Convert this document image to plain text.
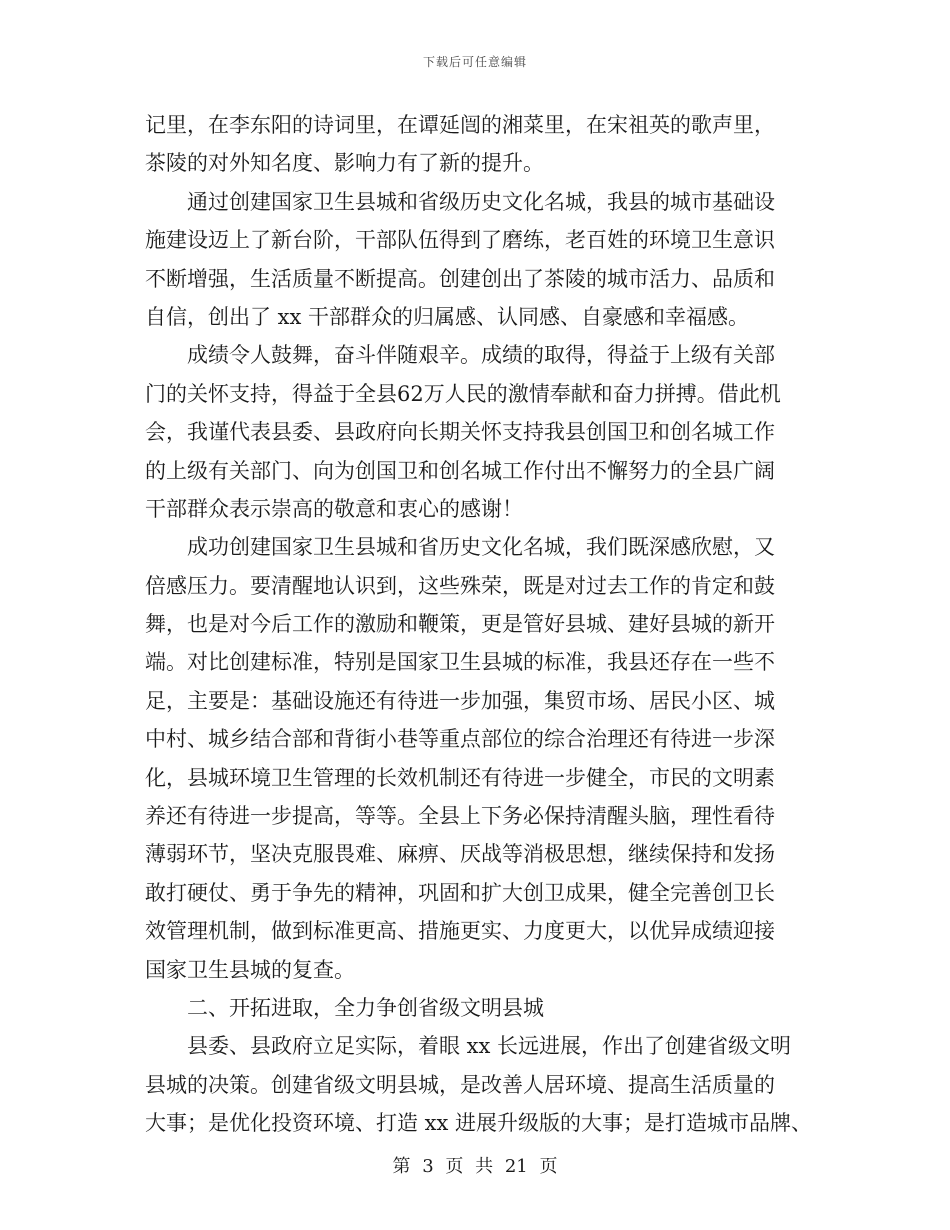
下载后可任意编辑
记里，在李东阳的诗词里，在谭延闿的湘菜里，在宋祖英的歌声里，
茶陵的对外知名度、影响力有了新的提升。
通过创建国家卫生县城和省级历史文化名城，我县的城市基础设
施建设迈上了新台阶，干部队伍得到了磨练，老百姓的环境卫生意识
不断增强，生活质量不断提高。创建创出了茶陵的城市活力、品质和
自信，创出了 xx 干部群众的归属感、认同感、自豪感和幸福感。
成绩令人鼓舞，奋斗伴随艰辛。成绩的取得，得益于上级有关部
门的关怀支持，得益于全县62万人民的激情奉献和奋力拼搏。借此机
会，我谨代表县委、县政府向长期关怀支持我县创国卫和创名城工作
的上级有关部门、向为创国卫和创名城工作付出不懈努力的全县广阔
干部群众表示崇高的敬意和衷心的感谢！
成功创建国家卫生县城和省历史文化名城，我们既深感欣慰，又
倍感压力。要清醒地认识到，这些殊荣，既是对过去工作的肯定和鼓
舞，也是对今后工作的激励和鞭策，更是管好县城、建好县城的新开
端。对比创建标准，特别是国家卫生县城的标准，我县还存在一些不
足，主要是：基础设施还有待进一步加强，集贸市场、居民小区、城
中村、城乡结合部和背街小巷等重点部位的综合治理还有待进一步深
化，县城环境卫生管理的长效机制还有待进一步健全，市民的文明素
养还有待进一步提高，等等。全县上下务必保持清醒头脑，理性看待
薄弱环节，坚决克服畏难、麻痹、厌战等消极思想，继续保持和发扬
敢打硬仗、勇于争先的精神，巩固和扩大创卫成果，健全完善创卫长
效管理机制，做到标准更高、措施更实、力度更大，以优异成绩迎接
国家卫生县城的复查。
二、开拓进取，全力争创省级文明县城
县委、县政府立足实际，着眼 xx 长远进展，作出了创建省级文明
县城的决策。创建省级文明县城，是改善人居环境、提高生活质量的
大事；是优化投资环境、打造 xx 进展升级版的大事；是打造城市品牌、
第 3 页 共 21 页
